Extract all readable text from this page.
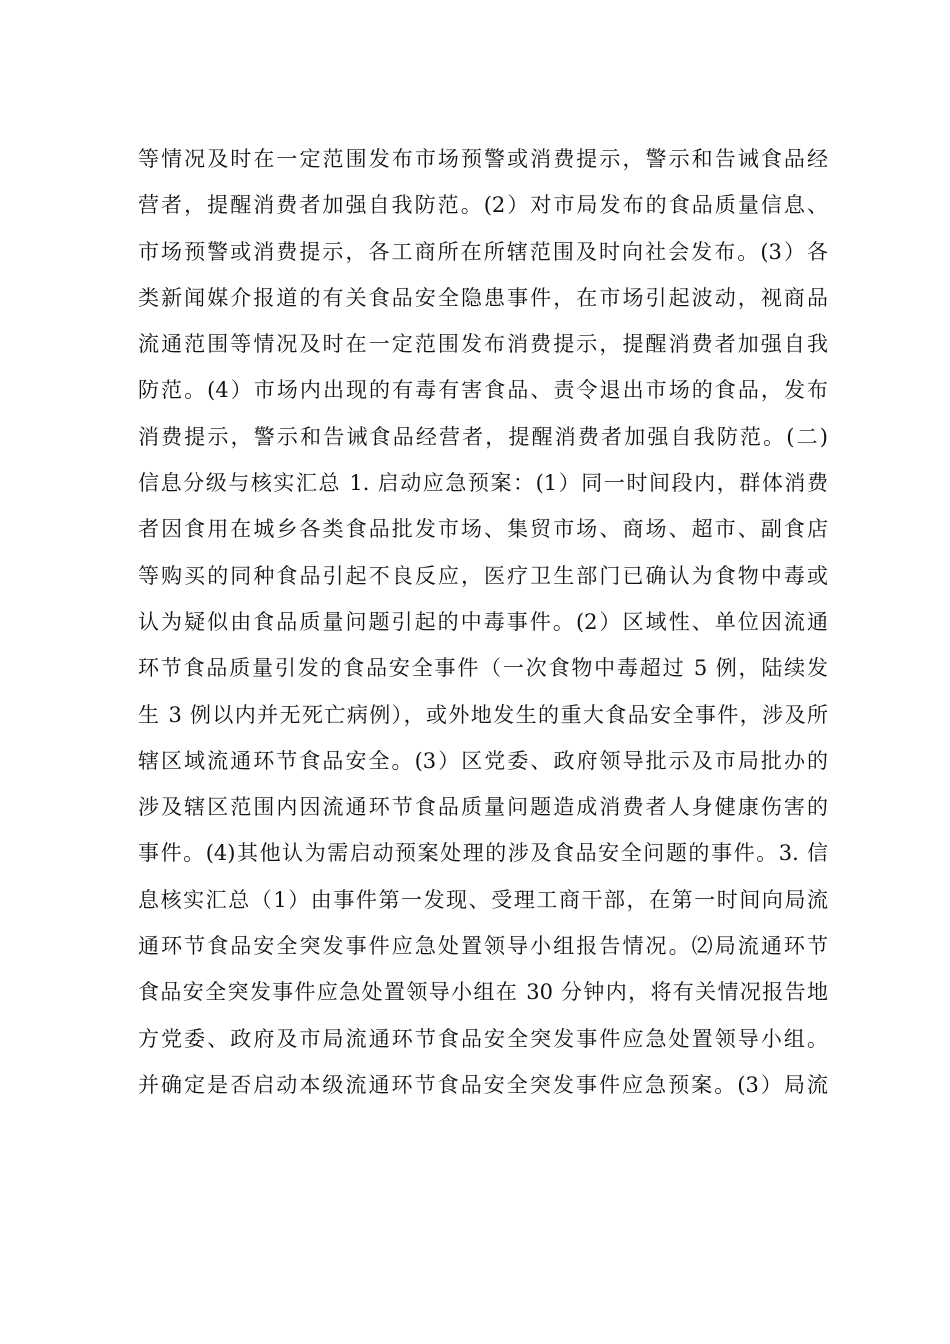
等情况及时在一定范围发布市场预警或消费提示，警示和告诫食品经
营者，提醒消费者加强自我防范。(2）对市局发布的食品质量信息、
市场预警或消费提示，各工商所在所辖范围及时向社会发布。(3）各
类新闻媒介报道的有关食品安全隐患事件，在市场引起波动，视商品
流通范围等情况及时在一定范围发布消费提示，提醒消费者加强自我
防范。(4）市场内出现的有毒有害食品、责令退出市场的食品，发布
消费提示，警示和告诫食品经营者，提醒消费者加强自我防范。(二)
信息分级与核实汇总 1. 启动应急预案：(1）同一时间段内，群体消费
者因食用在城乡各类食品批发市场、集贸市场、商场、超市、副食店
等购买的同种食品引起不良反应，医疗卫生部门已确认为食物中毒或
认为疑似由食品质量问题引起的中毒事件。(2）区域性、单位因流通
环节食品质量引发的食品安全事件（一次食物中毒超过 5 例，陆续发
生 3 例以内并无死亡病例），或外地发生的重大食品安全事件，涉及所
辖区域流通环节食品安全。(3）区党委、政府领导批示及市局批办的
涉及辖区范围内因流通环节食品质量问题造成消费者人身健康伤害的
事件。(4)其他认为需启动预案处理的涉及食品安全问题的事件。3. 信
息核实汇总（1）由事件第一发现、受理工商干部，在第一时间向局流
通环节食品安全突发事件应急处置领导小组报告情况。⑵局流通环节
食品安全突发事件应急处置领导小组在 30 分钟内，将有关情况报告地
方党委、政府及市局流通环节食品安全突发事件应急处置领导小组。
并确定是否启动本级流通环节食品安全突发事件应急预案。(3）局流
